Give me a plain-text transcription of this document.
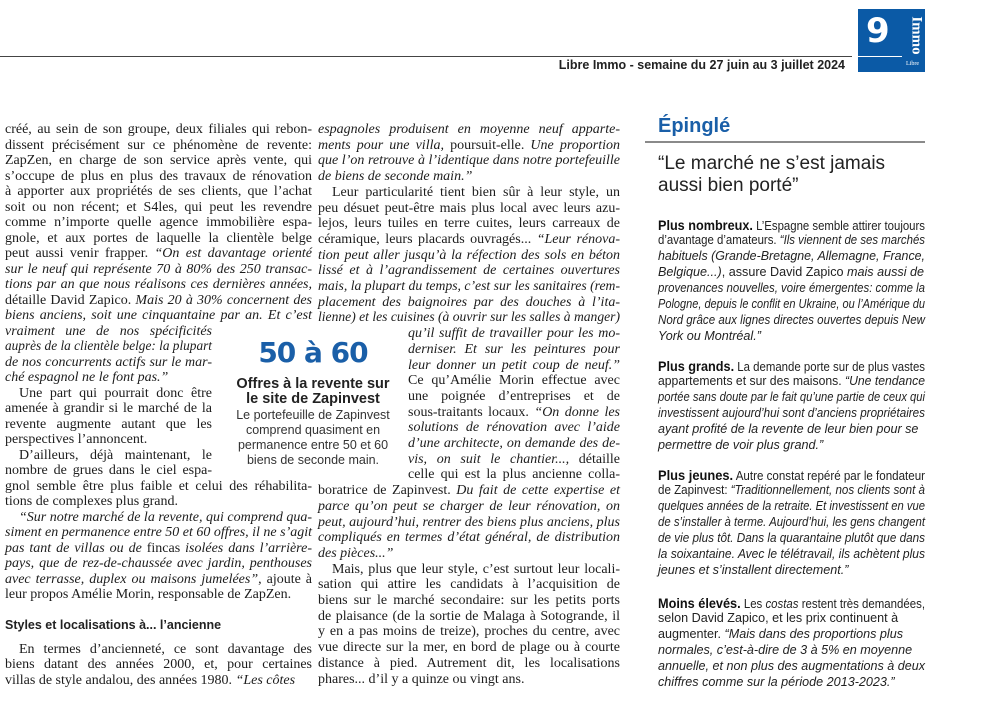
Libre Immo - semaine du 27 juin au 3 juillet 2024
9 Immo
Libre
créé, au sein de son groupe, deux filiales qui rebon-
dissent précisément sur ce phénomène de revente:
ZapZen, en charge de son service après vente, qui
s’occupe de plus en plus des travaux de rénovation
à apporter aux propriétés de ses clients, que l’achat
soit ou non récent; et S4les, qui peut les revendre
comme n’importe quelle agence immobilière espa-
gnole, et aux portes de laquelle la clientèle belge
peut aussi venir frapper. “On est davantage orienté
sur le neuf qui représente 70 à 80% des 250 transac-
tions par an que nous réalisons ces dernières années,
détaille David Zapico. Mais 20 à 30% concernent des
biens anciens, soit une cinquantaine par an. Et c’est
vraiment une de nos spécificités
auprès de la clientèle belge: la plupart
de nos concurrents actifs sur le mar-
ché espagnol ne le font pas.”
Une part qui pourrait donc être
amenée à grandir si le marché de la
revente augmente autant que les
perspectives l’annoncent.
D’ailleurs, déjà maintenant, le
nombre de grues dans le ciel espa-
gnol semble être plus faible et celui des réhabilita-
tions de complexes plus grand.
“Sur notre marché de la revente, qui comprend qua-
siment en permanence entre 50 et 60 offres, il ne s’agit
pas tant de villas ou de fincas isolées dans l’arrière-
pays, que de rez-de-chaussée avec jardin, penthouses
avec terrasse, duplex ou maisons jumelées”, ajoute à
leur propos Amélie Morin, responsable de ZapZen.
En termes d’ancienneté, ce sont davantage des
biens datant des années 2000, et, pour certaines
villas de style andalou, des années 1980. “Les côtes
espagnoles produisent en moyenne neuf apparte-
ments pour une villa, poursuit-elle. Une proportion
que l’on retrouve à l’identique dans notre portefeuille
de biens de seconde main.”
Leur particularité tient bien sûr à leur style, un
peu désuet peut-être mais plus local avec leurs azu-
lejos, leurs tuiles en terre cuites, leurs carreaux de
céramique, leurs placards ouvragés... “Leur rénova-
tion peut aller jusqu’à la réfection des sols en béton
lissé et à l’agrandissement de certaines ouvertures
mais, la plupart du temps, c’est sur les sanitaires (rem-
placement des baignoires par des douches à l’ita-
lienne) et les cuisines (à ouvrir sur les salles à manger)
qu’il suffit de travailler pour les mo-
derniser. Et sur les peintures pour
leur donner un petit coup de neuf.”
Ce qu’Amélie Morin effectue avec
une poignée d’entreprises et de
sous-traitants locaux. “On donne les
solutions de rénovation avec l’aide
d’une architecte, on demande des de-
vis, on suit le chantier..., détaille
celle qui est la plus ancienne colla-
boratrice de Zapinvest. Du fait de cette expertise et
parce qu’on peut se charger de leur rénovation, on
peut, aujourd’hui, rentrer des biens plus anciens, plus
compliqués en termes d’état général, de distribution
des pièces...”
Mais, plus que leur style, c’est surtout leur locali-
sation qui attire les candidats à l’acquisition de
biens sur le marché secondaire: sur les petits ports
de plaisance (de la sortie de Malaga à Sotogrande, il
y en a pas moins de treize), proches du centre, avec
vue directe sur la mer, en bord de plage ou à courte
distance à pied. Autrement dit, les localisations
phares... d’il y a quinze ou vingt ans.
Styles et localisations à... l’ancienne
50 à 60
Offres à la revente sur
le site de Zapinvest
Le portefeuille de Zapinvest
comprend quasiment en
permanence entre 50 et 60
biens de seconde main.
Épinglé
“Le marché ne s’est jamais
aussi bien porté”
Plus nombreux. L’Espagne semble attirer toujours
d’avantage d’amateurs. “Ils viennent de ses marchés
habituels (Grande-Bretagne, Allemagne, France,
Belgique...), assure David Zapico mais aussi de
provenances nouvelles, voire émergentes: comme la
Pologne, depuis le conflit en Ukraine, ou l’Amérique du
Nord grâce aux lignes directes ouvertes depuis New
York ou Montréal.”
Plus grands. La demande porte sur de plus vastes
appartements et sur des maisons. “Une tendance
portée sans doute par le fait qu’une partie de ceux qui
investissent aujourd’hui sont d’anciens propriétaires
ayant profité de la revente de leur bien pour se
permettre de voir plus grand.”
Plus jeunes. Autre constat repéré par le fondateur
de Zapinvest: “Traditionnellement, nos clients sont à
quelques années de la retraite. Et investissent en vue
de s’installer à terme. Aujourd’hui, les gens changent
de vie plus tôt. Dans la quarantaine plutôt que dans
la soixantaine. Avec le télétravail, ils achètent plus
jeunes et s’installent directement.”
Moins élevés. Les costas restent très demandées,
selon David Zapico, et les prix continuent à
augmenter. “Mais dans des proportions plus
normales, c’est-à-dire de 3 à 5% en moyenne
annuelle, et non plus des augmentations à deux
chiffres comme sur la période 2013-2023.”
